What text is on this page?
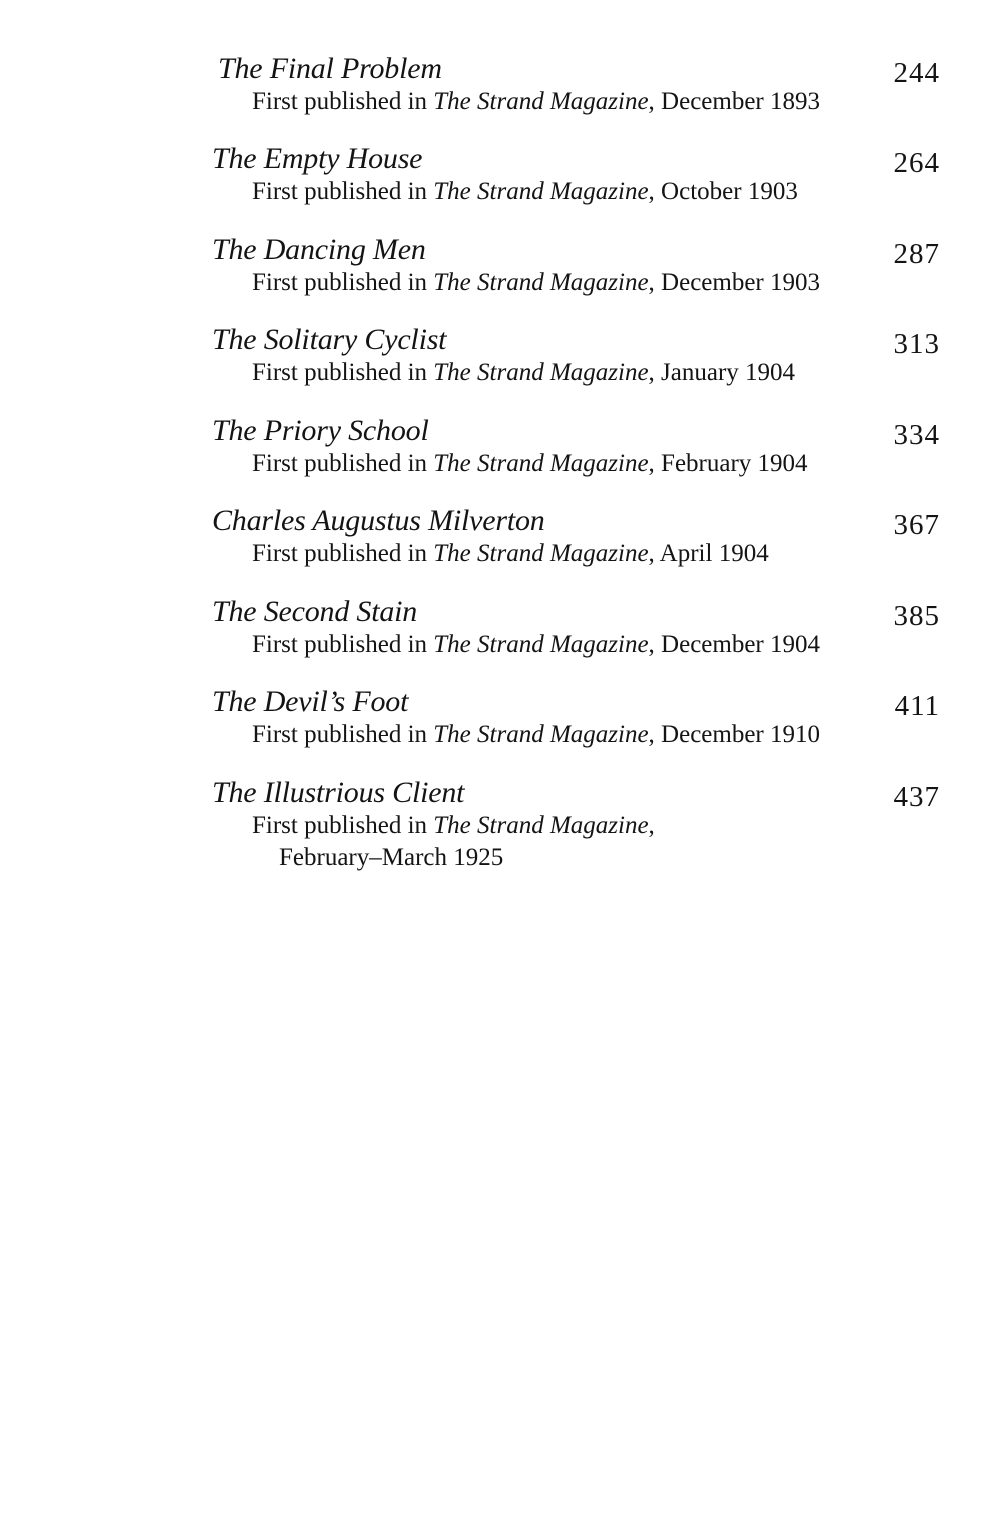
The Final Problem	244
First published in The Strand Magazine, December 1893
The Empty House	264
First published in The Strand Magazine, October 1903
The Dancing Men	287
First published in The Strand Magazine, December 1903
The Solitary Cyclist	313
First published in The Strand Magazine, January 1904
The Priory School	334
First published in The Strand Magazine, February 1904
Charles Augustus Milverton	367
First published in The Strand Magazine, April 1904
The Second Stain	385
First published in The Strand Magazine, December 1904
The Devil’s Foot	411
First published in The Strand Magazine, December 1910
The Illustrious Client	437
First published in The Strand Magazine,
February–March 1925
